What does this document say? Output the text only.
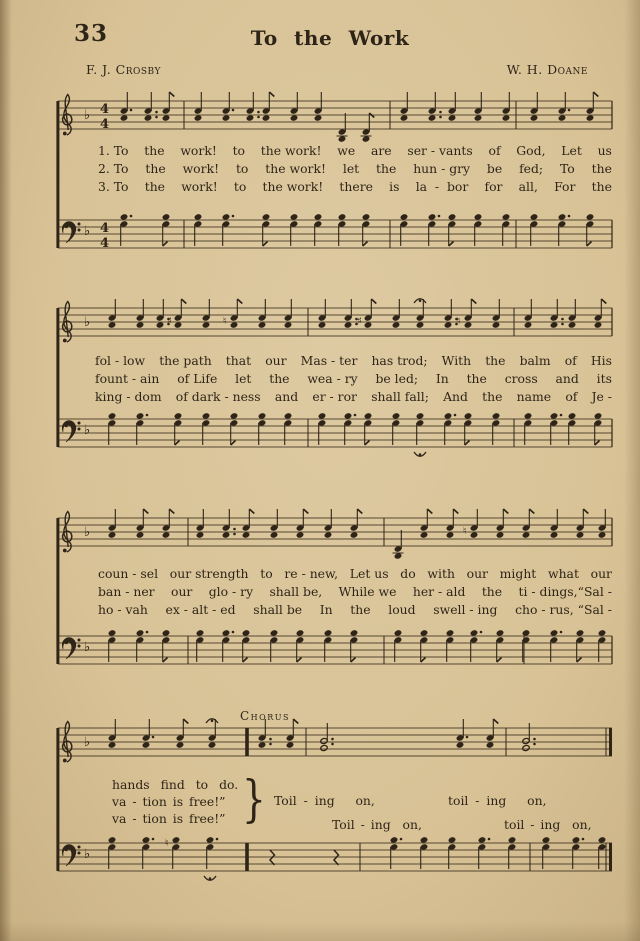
33	To the Work
F. J. Crosby	W. H. Doane
♭ 4
4
♭ 4
4
♭	♯	♮	♯	♮
♭
♭	♮
♭
♭
♭
♮
1. To the work! to the work! we are ser - vants of God, Let us
2. To the work! to the work! let the hun - gry be fed; To the
3. To the work! to the work! there is la  -  bor for all, For the
fol - low the path that our Mas - ter has trod; With the balm of His
fount - ain of Life let the wea - ry be led; In the cross and its
king - dom of dark - ness and er - ror shall fall; And the name of Je -
coun - sel our strength to re - new, Let us do with our might what our
ban - ner our glo - ry shall be, While we her - ald the ti - dings,“Sal -
ho - vah ex - alt - ed shall be In the loud swell - ing cho - rus, “Sal -
Chorus
hands find to do.
va - tion is free!”
va - tion is free!” } Toil - ing   on,	toil - ing   on,
Toil - ing  on,	toil - ing  on,
